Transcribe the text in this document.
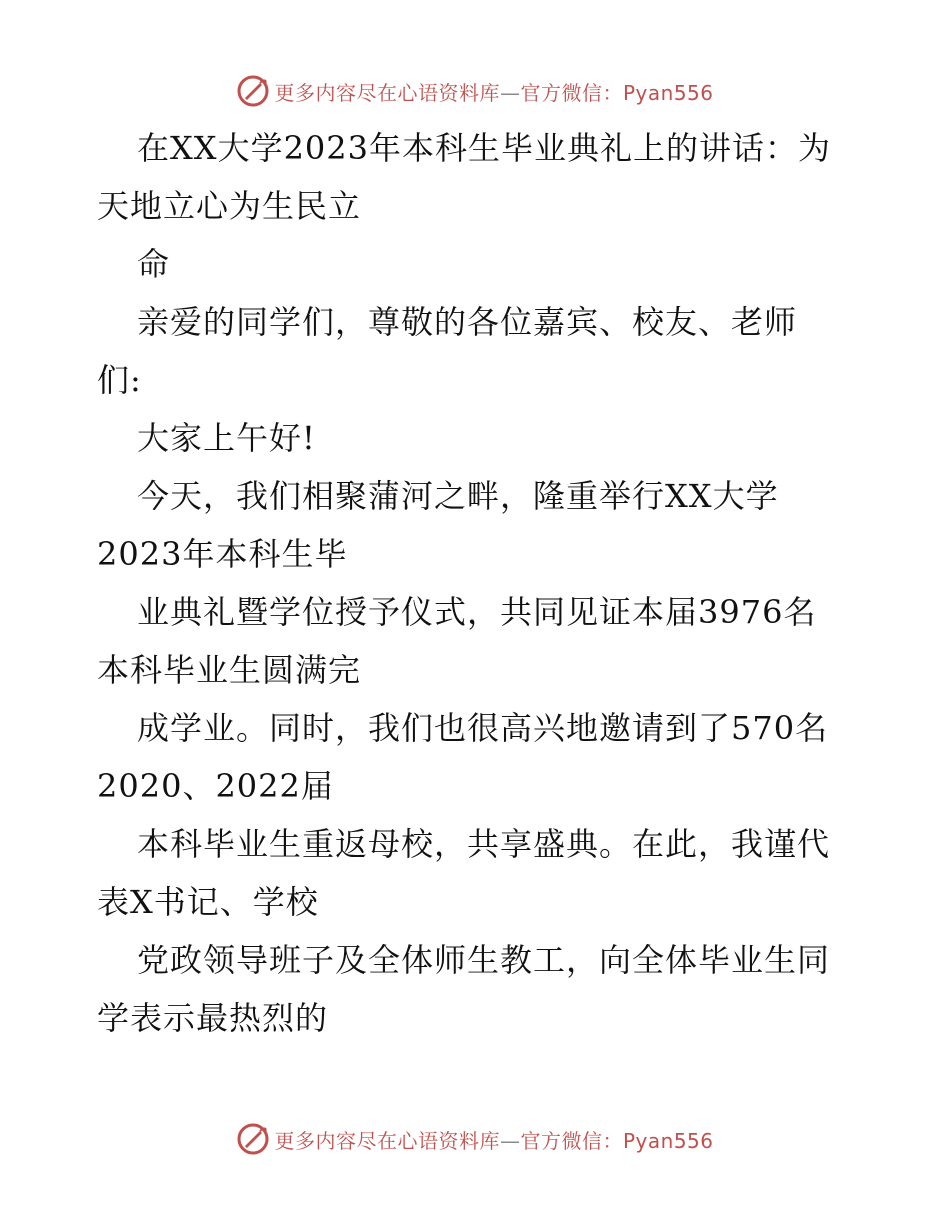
更多内容尽在心语资料库—官方微信：Pyan556
在XX大学2023年本科生毕业典礼上的讲话：为
天地立心为生民立
命
亲爱的同学们，尊敬的各位嘉宾、校友、老师
们:
大家上午好!
今天，我们相聚蒲河之畔，隆重举行XX大学
2023年本科生毕
业典礼暨学位授予仪式，共同见证本届3976名
本科毕业生圆满完
成学业。同时，我们也很高兴地邀请到了570名
2020、2022届
本科毕业生重返母校，共享盛典。在此，我谨代
表X书记、学校
党政领导班子及全体师生教工，向全体毕业生同
学表示最热烈的
更多内容尽在心语资料库—官方微信：Pyan556
